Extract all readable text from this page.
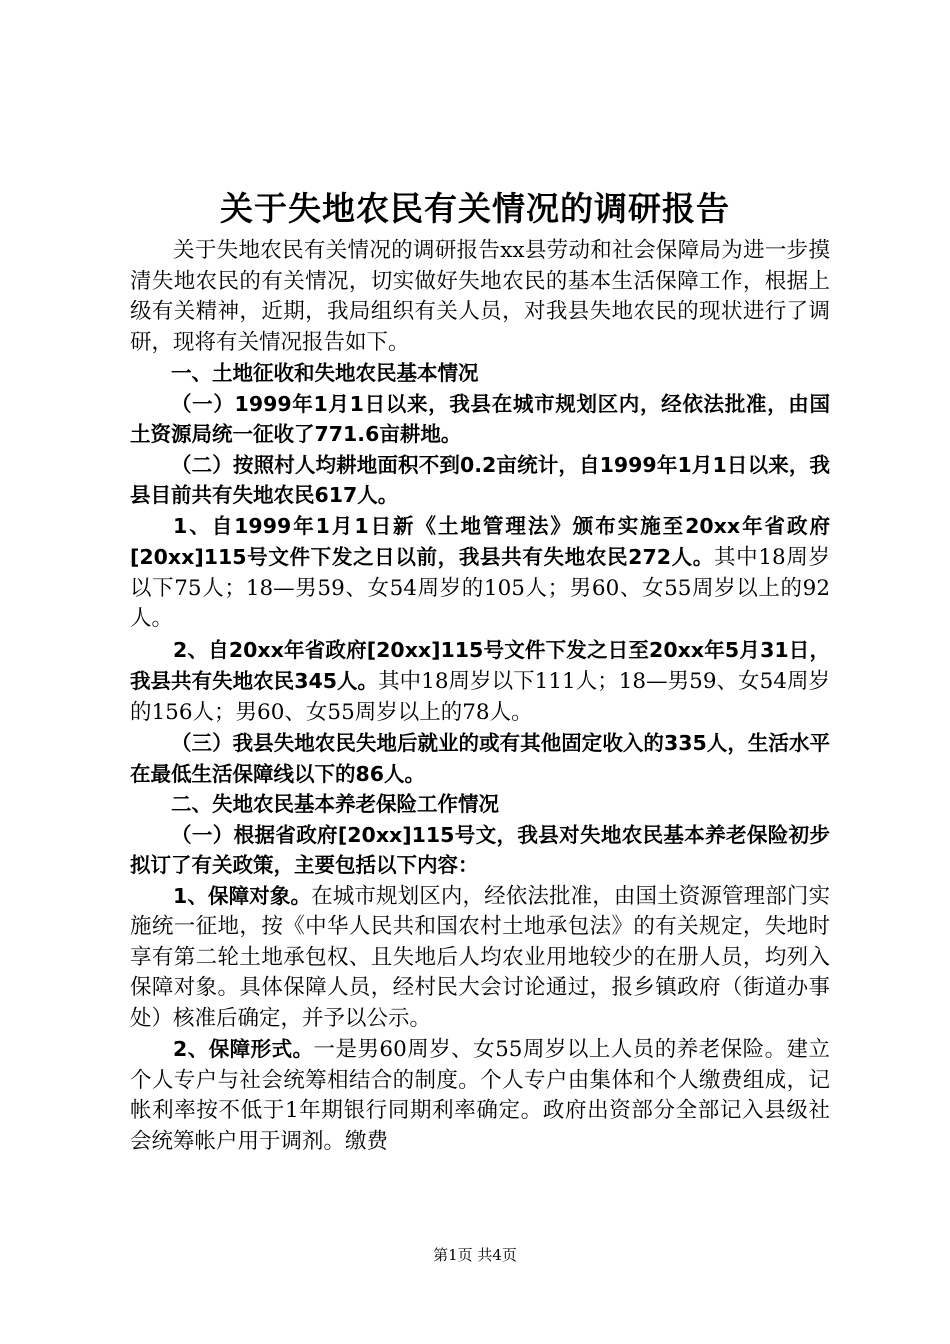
关于失地农民有关情况的调研报告

关于失地农民有关情况的调研报告xx县劳动和社会保障局为进一步摸清失地农民的有关情况，切实做好失地农民的基本生活保障工作，根据上级有关精神，近期，我局组织有关人员，对我县失地农民的现状进行了调研，现将有关情况报告如下。

一、土地征收和失地农民基本情况

（一）1999年1月1日以来，我县在城市规划区内，经依法批准，由国土资源局统一征收了771.6亩耕地。

（二）按照村人均耕地面积不到0.2亩统计，自1999年1月1日以来，我县目前共有失地农民617人。

1、自1999年1月1日新《土地管理法》颁布实施至20xx年省政府[20xx]115号文件下发之日以前，我县共有失地农民272人。其中18周岁以下75人；18—男59、女54周岁的105人；男60、女55周岁以上的92人。

2、自20xx年省政府[20xx]115号文件下发之日至20xx年5月31日，我县共有失地农民345人。其中18周岁以下111人；18—男59、女54周岁的156人；男60、女55周岁以上的78人。

（三）我县失地农民失地后就业的或有其他固定收入的335人，生活水平在最低生活保障线以下的86人。

二、失地农民基本养老保险工作情况

（一）根据省政府[20xx]115号文，我县对失地农民基本养老保险初步拟订了有关政策，主要包括以下内容：

1、保障对象。在城市规划区内，经依法批准，由国土资源管理部门实施统一征地，按《中华人民共和国农村土地承包法》的有关规定，失地时享有第二轮土地承包权、且失地后人均农业用地较少的在册人员，均列入保障对象。具体保障人员，经村民大会讨论通过，报乡镇政府（街道办事处）核准后确定，并予以公示。

2、保障形式。一是男60周岁、女55周岁以上人员的养老保险。建立个人专户与社会统筹相结合的制度。个人专户由集体和个人缴费组成，记帐利率按不低于1年期银行同期利率确定。政府出资部分全部记入县级社会统筹帐户用于调剂。缴费

第1页 共4页
